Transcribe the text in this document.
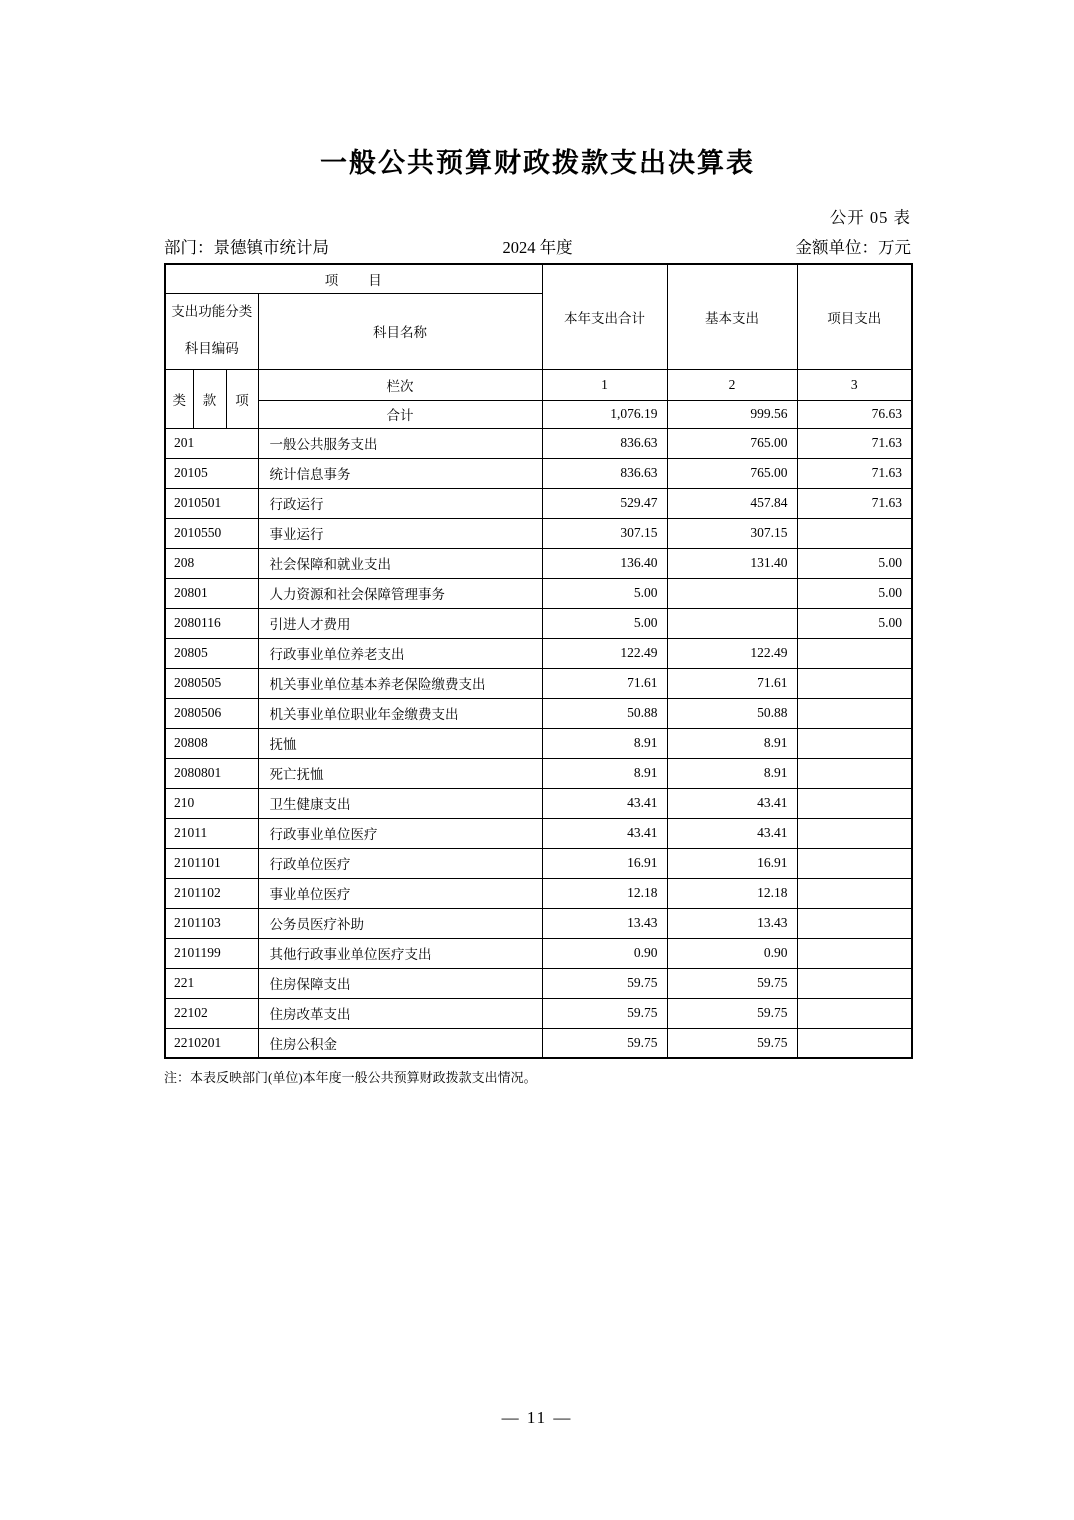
一般公共预算财政拨款支出决算表
公开 05 表
部门：景德镇市统计局	2024 年度	金额单位：万元
项　　目				本年支出合计	基本支出	项目支出

支出功能分类
科目编码			科目名称			
类	款	项	栏次	1	2	3
			合计	1,076.19	999.56	76.63
201			一般公共服务支出	836.63	765.00	71.63
20105			统计信息事务	836.63	765.00	71.63
2010501			行政运行	529.47	457.84	71.63
2010550			事业运行	307.15	307.15	
208			社会保障和就业支出	136.40	131.40	5.00
20801			人力资源和社会保障管理事务	5.00		5.00
2080116			引进人才费用	5.00		5.00
20805			行政事业单位养老支出	122.49	122.49	
2080505			机关事业单位基本养老保险缴费支出	71.61	71.61	
2080506			机关事业单位职业年金缴费支出	50.88	50.88	
20808			抚恤	8.91	8.91	
2080801			死亡抚恤	8.91	8.91	
210			卫生健康支出	43.41	43.41	
21011			行政事业单位医疗	43.41	43.41	
2101101			行政单位医疗	16.91	16.91	
2101102			事业单位医疗	12.18	12.18	
2101103			公务员医疗补助	13.43	13.43	
2101199			其他行政事业单位医疗支出	0.90	0.90	
221			住房保障支出	59.75	59.75	
22102			住房改革支出	59.75	59.75	
2210201			住房公积金	59.75	59.75	
注：本表反映部门(单位)本年度一般公共预算财政拨款支出情况。
— 11 —
